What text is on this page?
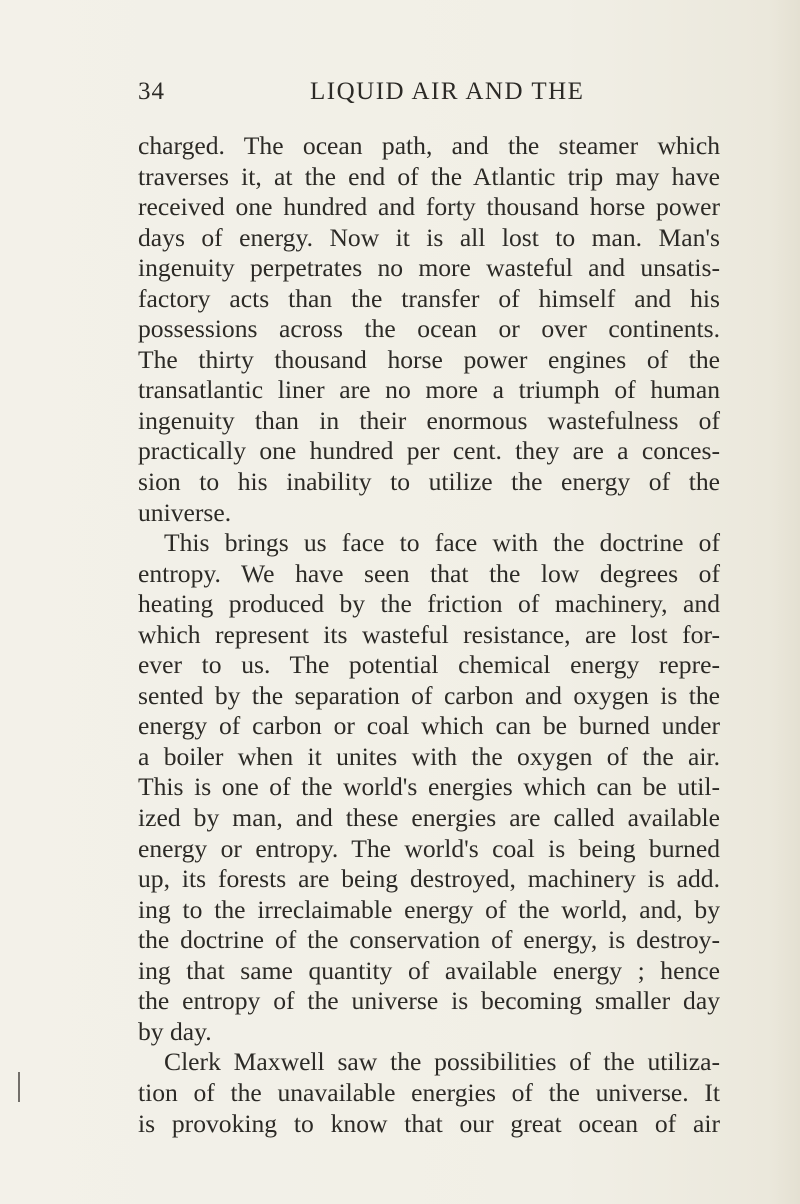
34	LIQUID AIR AND THE
charged. The ocean path, and the steamer which
traverses it, at the end of the Atlantic trip may have
received one hundred and forty thousand horse power
days of energy. Now it is all lost to man. Man's
ingenuity perpetrates no more wasteful and unsatis-
factory acts than the transfer of himself and his
possessions across the ocean or over continents.
The thirty thousand horse power engines of the
transatlantic liner are no more a triumph of human
ingenuity than in their enormous wastefulness of
practically one hundred per cent. they are a conces-
sion to his inability to utilize the energy of the
universe.
This brings us face to face with the doctrine of
entropy. We have seen that the low degrees of
heating produced by the friction of machinery, and
which represent its wasteful resistance, are lost for-
ever to us. The potential chemical energy repre-
sented by the separation of carbon and oxygen is the
energy of carbon or coal which can be burned under
a boiler when it unites with the oxygen of the air.
This is one of the world's energies which can be util-
ized by man, and these energies are called available
energy or entropy. The world's coal is being burned
up, its forests are being destroyed, machinery is add.
ing to the irreclaimable energy of the world, and, by
the doctrine of the conservation of energy, is destroy-
ing that same quantity of available energy ; hence
the entropy of the universe is becoming smaller day
by day.
Clerk Maxwell saw the possibilities of the utiliza-
tion of the unavailable energies of the universe. It
is provoking to know that our great ocean of air
